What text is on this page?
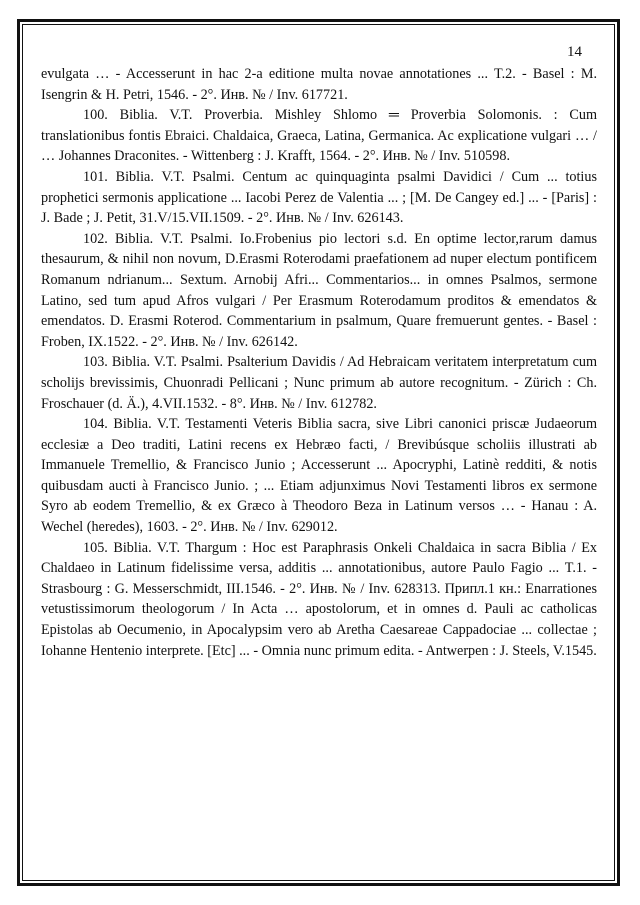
14

evulgata … - Accesserunt in hac 2-a editione multa novae annotationes ... T.2. - Basel : M. Isengrin & H. Petri, 1546. - 2°. Инв. № / Inv. 617721.

100. Biblia. V.T. Proverbia. Mishley Shlomo ═ Proverbia Solomonis. : Cum translationibus fontis Ebraici. Chaldaica, Graeca, Latina, Germanica. Ac explicatione vulgari … / … Johannes Draconites. - Wittenberg : J. Krafft, 1564. - 2°. Инв. № / Inv. 510598.

101. Biblia. V.T. Psalmi. Centum ac quinquaginta psalmi Davidici / Cum ... totius prophetici sermonis applicatione ... Iacobi Perez de Valentia ... ; [M. De Cangey ed.] ... - [Paris] : J. Bade ; J. Petit, 31.V/15.VII.1509. - 2°. Инв. № / Inv. 626143.

102. Biblia. V.T. Psalmi. Io.Frobenius pio lectori s.d. En optime lector,rarum damus thesaurum, & nihil non novum, D.Erasmi Roterodami praefationem ad nuper electum pontificem Romanum ndrianum... Sextum. Arnobij Afri... Commentarios... in omnes Psalmos, sermone Latino, sed tum apud Afros vulgari / Per Erasmum Roterodamum proditos & emendatos & emendatos. D. Erasmi Roterod. Commentarium in psalmum, Quare fremuerunt gentes. - Basel : Froben, IX.1522. - 2°. Инв. № / Inv. 626142.

103. Biblia. V.T. Psalmi. Psalterium Davidis / Ad Hebraicam veritatem interpretatum cum scholijs brevissimis, Chuonradi Pellicani ; Nunc primum ab autore recognitum. - Zürich : Ch. Froschauer (d. Ä.), 4.VII.1532. - 8°. Инв. № / Inv. 612782.

104. Biblia. V.T. Testamenti Veteris Biblia sacra, sive Libri canonici priscæ Judaeorum ecclesiæ a Deo traditi, Latini recens ex Hebræo facti, / Brevibúsque scholiis illustrati ab Immanuele Tremellio, & Francisco Junio ; Accesserunt ... Apocryphi, Latinè redditi, & notis quibusdam aucti à Francisco Junio. ; ... Etiam adjunximus Novi Testamenti libros ex sermone Syro ab eodem Tremellio, & ex Græco à Theodoro Beza in Latinum versos … - Hanau : A. Wechel (heredes), 1603. - 2°. Инв. № / Inv. 629012.

105. Biblia. V.T. Thargum : Hoc est Paraphrasis Onkeli Chaldaica in sacra Biblia / Ex Chaldaeo in Latinum fidelissime versa, additis ... annotationibus, autore Paulo Fagio ... T.1. - Strasbourg : G. Messerschmidt, III.1546. - 2°. Инв. № / Inv. 628313. Припл.1 кн.: Enarrationes vetustissimorum theologorum / In Acta … apostolorum, et in omnes d. Pauli ac catholicas Epistolas ab Oecumenio, in Apocalypsim vero ab Aretha Caesareae Cappadociae ... collectae ; Iohanne Hentenio interprete. [Etc] ... - Omnia nunc primum edita. - Antwerpen : J. Steels, V.1545.
